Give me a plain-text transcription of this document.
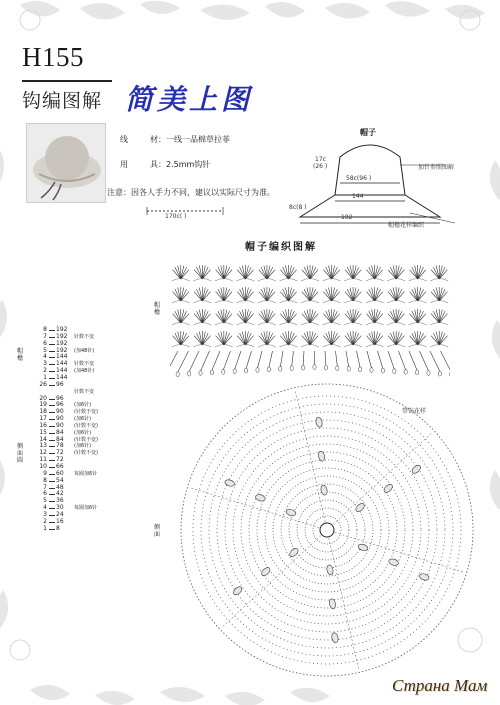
H155
钩编图解 简美上图
线	材：一线一品棉草拉菲
用	具：2.5mm钩针
注意：因各人手力不同，建议以实际尺寸为准。
帽子
17c
(26 )
58c(96 )
144
8c(8 )
192
170c( )
加针参照图解
帽檐花样编织
帽子编织图解
帽檐
侧面
带饰花样
帽檐
侧面圆
8 192
7 192 针数不变
6 192
5 192 (加48针)
4 144
3 144 针数不变
2 144 (加48针)
1 144
26 96
针数不变
20 96
19 96 (加6针)
18 90 (针数不变)
17 90 (加6针)
16 90 (针数不变)
15 84 (加6针)
14 84 (针数不变)
13 78 (加6针)
12 72 (针数不变)
11 72
10 66
9 60 每圈加6针
8 54
7 48
6 42
5 36
4 30 每圈加6针
3 24
2 16
1 8
Страна Мам
